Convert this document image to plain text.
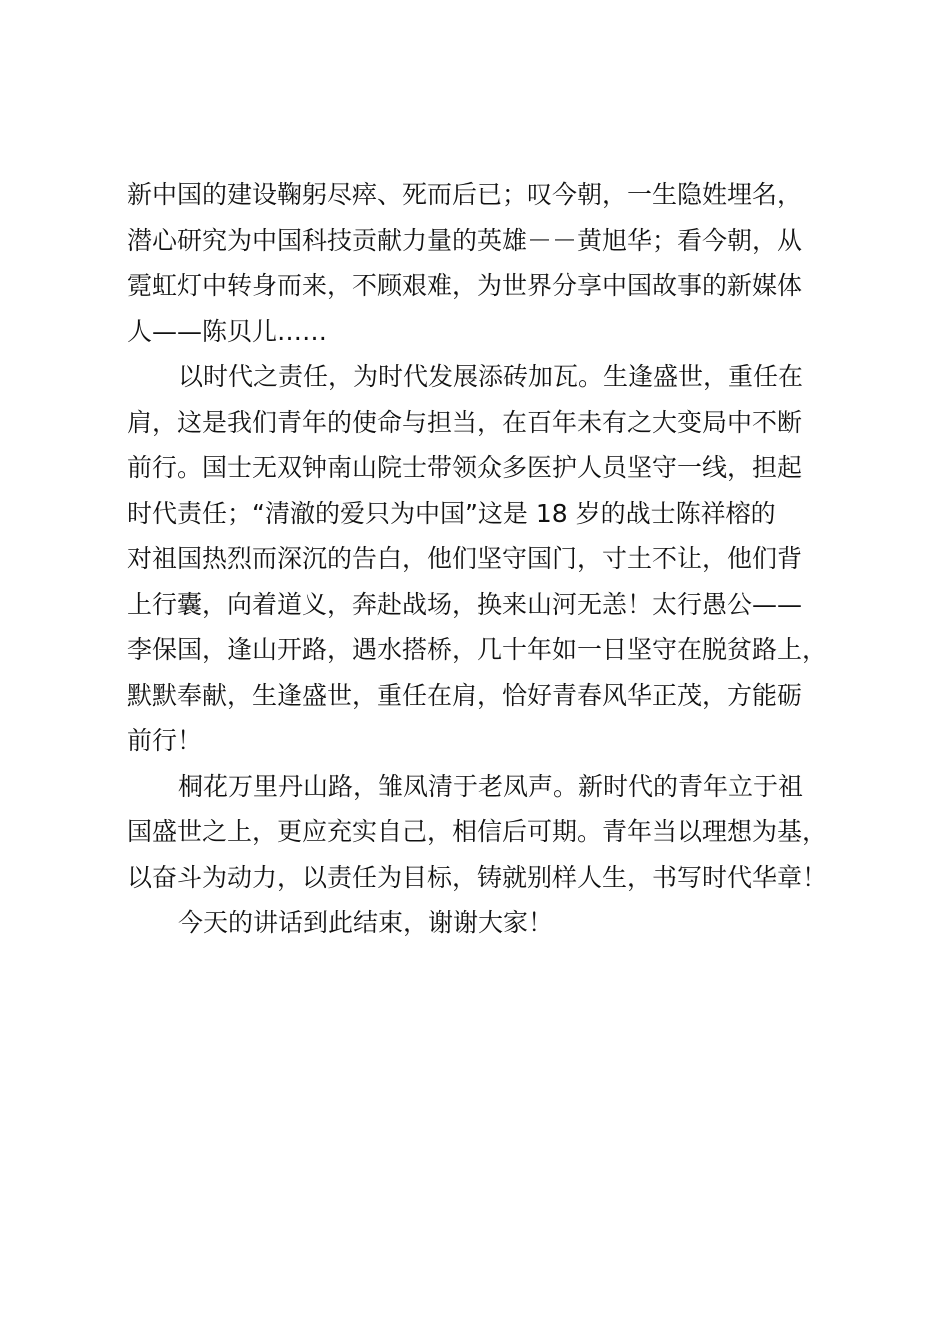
新中国的建设鞠躬尽瘁、死而后已；叹今朝，一生隐姓埋名，
潜心研究为中国科技贡献力量的英雄－－黄旭华；看今朝，从
霓虹灯中转身而来，不顾艰难，为世界分享中国故事的新媒体
人——陈贝儿……
以时代之责任，为时代发展添砖加瓦。生逢盛世，重任在
肩，这是我们青年的使命与担当，在百年未有之大变局中不断
前行。国士无双钟南山院士带领众多医护人员坚守一线，担起
时代责任；“清澈的爱只为中国”这是 18 岁的战士陈祥榕的
对祖国热烈而深沉的告白，他们坚守国门，寸土不让，他们背
上行囊，向着道义，奔赴战场，换来山河无恙！太行愚公——
李保国，逢山开路，遇水搭桥，几十年如一日坚守在脱贫路上，
默默奉献，生逢盛世，重任在肩，恰好青春风华正茂，方能砺
前行！
桐花万里丹山路，雏凤清于老凤声。新时代的青年立于祖
国盛世之上，更应充实自己，相信后可期。青年当以理想为基，
以奋斗为动力，以责任为目标，铸就别样人生，书写时代华章！
今天的讲话到此结束，谢谢大家！
